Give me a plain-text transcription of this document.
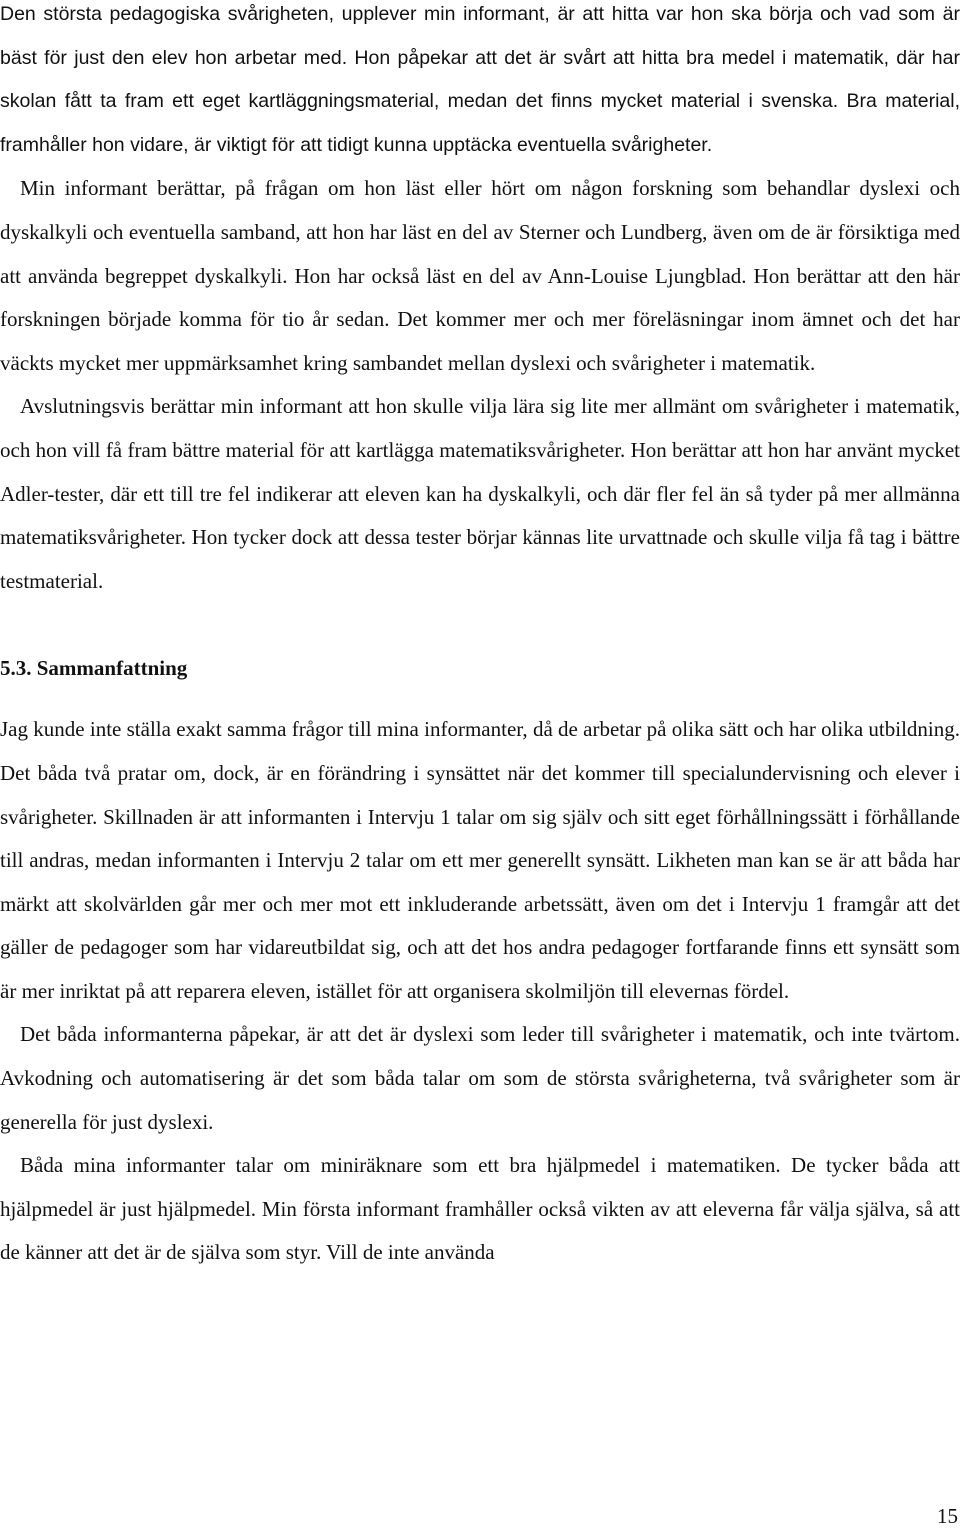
Den största pedagogiska svårigheten, upplever min informant, är att hitta var hon ska börja och vad som är bäst för just den elev hon arbetar med. Hon påpekar att det är svårt att hitta bra medel i matematik, där har skolan fått ta fram ett eget kartläggningsmaterial, medan det finns mycket material i svenska. Bra material, framhåller hon vidare, är viktigt för att tidigt kunna upptäcka eventuella svårigheter.

Min informant berättar, på frågan om hon läst eller hört om någon forskning som behandlar dyslexi och dyskalkyli och eventuella samband, att hon har läst en del av Sterner och Lundberg, även om de är försiktiga med att använda begreppet dyskalkyli. Hon har också läst en del av Ann-Louise Ljungblad. Hon berättar att den här forskningen började komma för tio år sedan. Det kommer mer och mer föreläsningar inom ämnet och det har väckts mycket mer uppmärksamhet kring sambandet mellan dyslexi och svårigheter i matematik.

Avslutningsvis berättar min informant att hon skulle vilja lära sig lite mer allmänt om svårigheter i matematik, och hon vill få fram bättre material för att kartlägga matematiksvårigheter. Hon berättar att hon har använt mycket Adler-tester, där ett till tre fel indikerar att eleven kan ha dyskalkyli, och där fler fel än så tyder på mer allmänna matematiksvårigheter. Hon tycker dock att dessa tester börjar kännas lite urvattnade och skulle vilja få tag i bättre testmaterial.

5.3. Sammanfattning

Jag kunde inte ställa exakt samma frågor till mina informanter, då de arbetar på olika sätt och har olika utbildning. Det båda två pratar om, dock, är en förändring i synsättet när det kommer till specialundervisning och elever i svårigheter. Skillnaden är att informanten i Intervju 1 talar om sig själv och sitt eget förhållningssätt i förhållande till andras, medan informanten i Intervju 2 talar om ett mer generellt synsätt. Likheten man kan se är att båda har märkt att skolvärlden går mer och mer mot ett inkluderande arbetssätt, även om det i Intervju 1 framgår att det gäller de pedagoger som har vidareutbildat sig, och att det hos andra pedagoger fortfarande finns ett synsätt som är mer inriktat på att reparera eleven, istället för att organisera skolmiljön till elevernas fördel.

Det båda informanterna påpekar, är att det är dyslexi som leder till svårigheter i matematik, och inte tvärtom. Avkodning och automatisering är det som båda talar om som de största svårigheterna, två svårigheter som är generella för just dyslexi.

Båda mina informanter talar om miniräknare som ett bra hjälpmedel i matematiken. De tycker båda att hjälpmedel är just hjälpmedel. Min första informant framhåller också vikten av att eleverna får välja själva, så att de känner att det är de själva som styr. Vill de inte använda

15
